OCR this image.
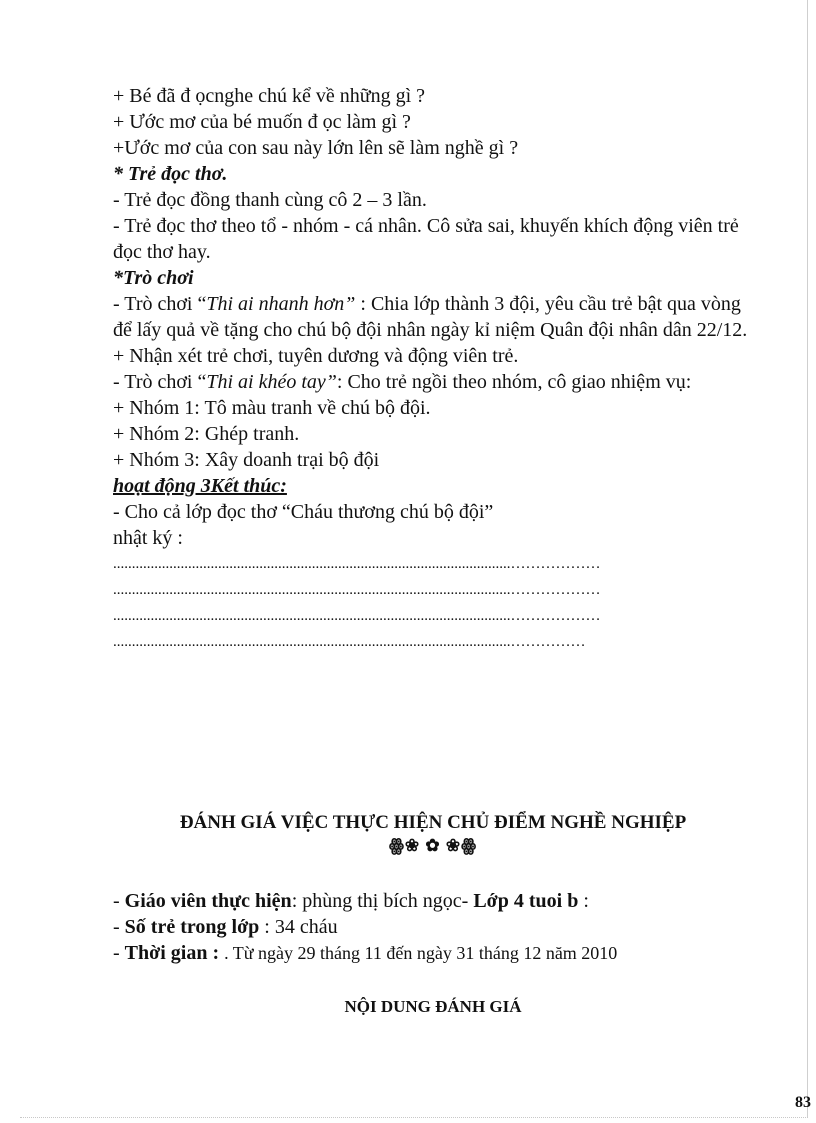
+ Bé đã đ ọcnghe chú kể về những gì ?
+ Ước mơ của bé muốn đ ọc làm gì ?
+Ước mơ của con sau này lớn lên sẽ làm nghề gì ?
* Trẻ đọc thơ.
- Trẻ đọc đồng thanh cùng cô 2 – 3 lần.
- Trẻ đọc thơ theo tổ - nhóm - cá nhân. Cô sửa sai, khuyến khích động viên trẻ đọc thơ hay.
*Trò chơi
- Trò chơi “Thi ai nhanh hơn” : Chia lớp thành 3 đội, yêu cầu trẻ bật qua vòng để lấy quả về tặng cho chú bộ đội nhân ngày kỉ niệm Quân đội nhân dân 22/12.
+ Nhận xét trẻ chơi, tuyên dương và động viên trẻ.
- Trò chơi “Thi ai khéo tay”: Cho trẻ ngồi theo nhóm, cô giao nhiệm vụ:
+ Nhóm 1: Tô màu tranh về chú bộ đội.
+ Nhóm 2: Ghép tranh.
+ Nhóm 3: Xây doanh trại bộ đội
hoạt động 3Kết thúc:
- Cho cả lớp đọc thơ “Cháu thương chú bộ đội”
nhật ký :
..........................................................................................................………………
..........................................................................................................………………
..........................................................................................................………………
..........................................................................................................……………
ĐÁNH GIÁ VIỆC THỰC HIỆN CHỦ ĐIỂM NGHỀ NGHIỆP
ꙮ❀ ✿ ❀ꙮ
- Giáo viên thực hiện: phùng thị bích ngọc- Lớp 4 tuoi b :
- Số trẻ trong lớp : 34 cháu
- Thời gian : . Từ ngày 29 tháng 11 đến ngày 31 tháng 12 năm 2010
NỘI DUNG ĐÁNH GIÁ
83
